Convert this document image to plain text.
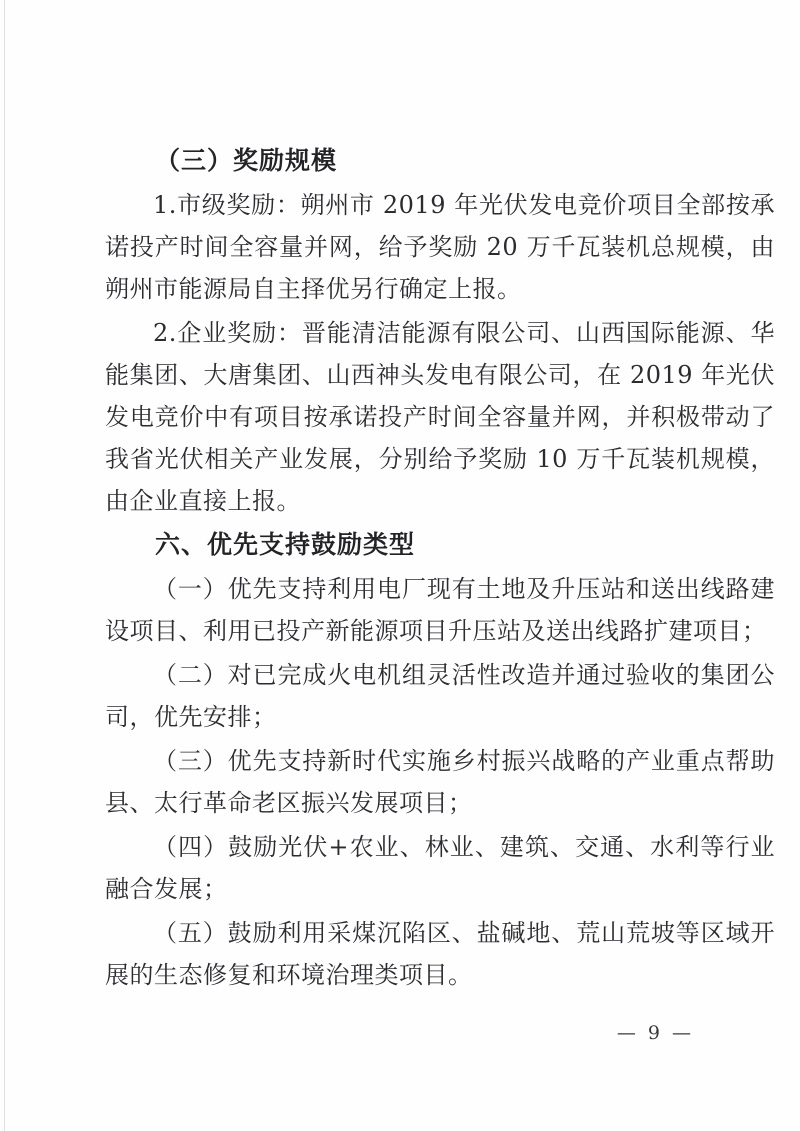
（三）奖励规模

1.市级奖励：朔州市 2019 年光伏发电竞价项目全部按承诺投产时间全容量并网，给予奖励 20 万千瓦装机总规模，由朔州市能源局自主择优另行确定上报。

2.企业奖励：晋能清洁能源有限公司、山西国际能源、华能集团、大唐集团、山西神头发电有限公司，在 2019 年光伏发电竞价中有项目按承诺投产时间全容量并网，并积极带动了我省光伏相关产业发展，分别给予奖励 10 万千瓦装机规模，由企业直接上报。

六、优先支持鼓励类型

（一）优先支持利用电厂现有土地及升压站和送出线路建设项目、利用已投产新能源项目升压站及送出线路扩建项目；

（二）对已完成火电机组灵活性改造并通过验收的集团公司，优先安排；

（三）优先支持新时代实施乡村振兴战略的产业重点帮助县、太行革命老区振兴发展项目；

（四）鼓励光伏+农业、林业、建筑、交通、水利等行业融合发展；

（五）鼓励利用采煤沉陷区、盐碱地、荒山荒坡等区域开展的生态修复和环境治理类项目。

— 9 —
